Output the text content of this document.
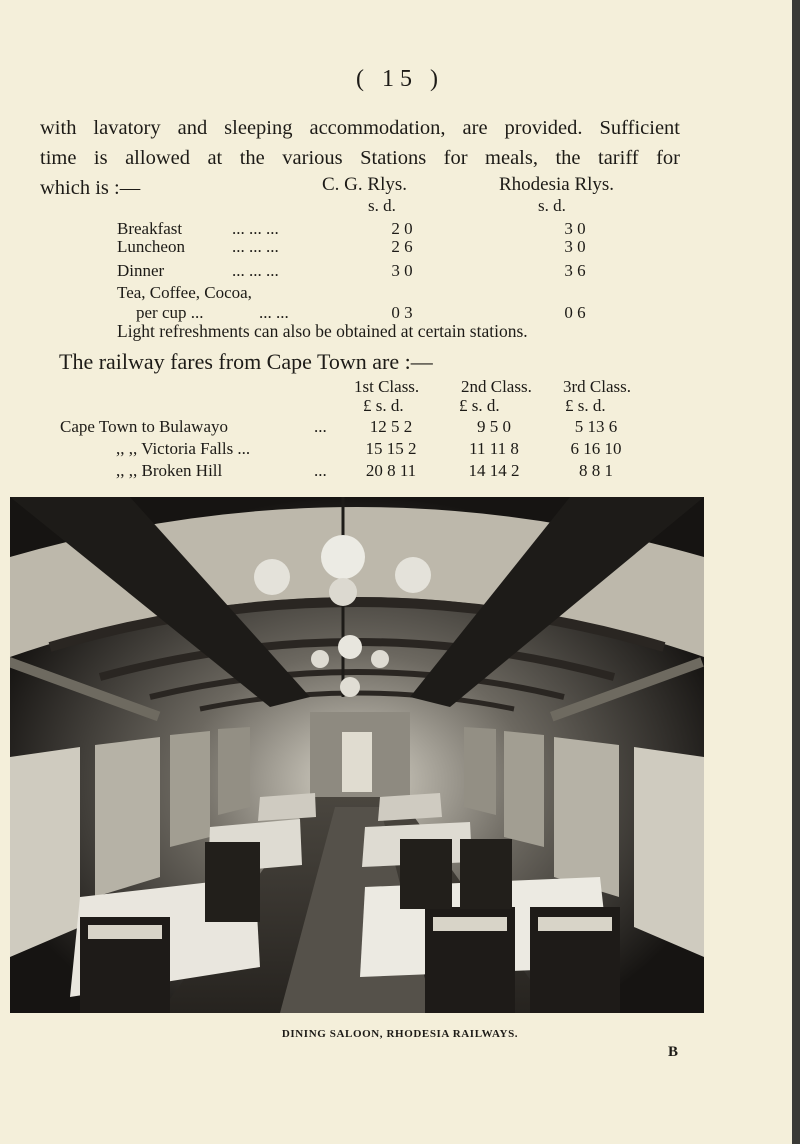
( 15 )
with lavatory and sleeping accommodation, are provided. Sufficient
time is allowed at the various Stations for meals, the tariff for
which is :—	C. G. Rlys.	Rhodesia Rlys.
s. d.	s. d.
Breakfast	... ... ...	2 0	3 0
Luncheon	... ... ...	2 6	3 0
Dinner	... ... ...	3 0	3 6
Tea, Coffee, Cocoa,
per cup ...	... ...	0 3	0 6
Light refreshments can also be obtained at certain stations.
The railway fares from Cape Town are :—
1st Class. 2nd Class. 3rd Class.
£ s. d.	£ s. d.	£ s. d.
Cape Town to Bulawayo	...	12 5 2	9 5 0	5 13 6
,, ,, Victoria Falls ...	15 15 2	11 11 8	6 16 10
,, ,, Broken Hill	...	20 8 11	14 14 2	8 8 1
DINING SALOON, RHODESIA RAILWAYS.
B
